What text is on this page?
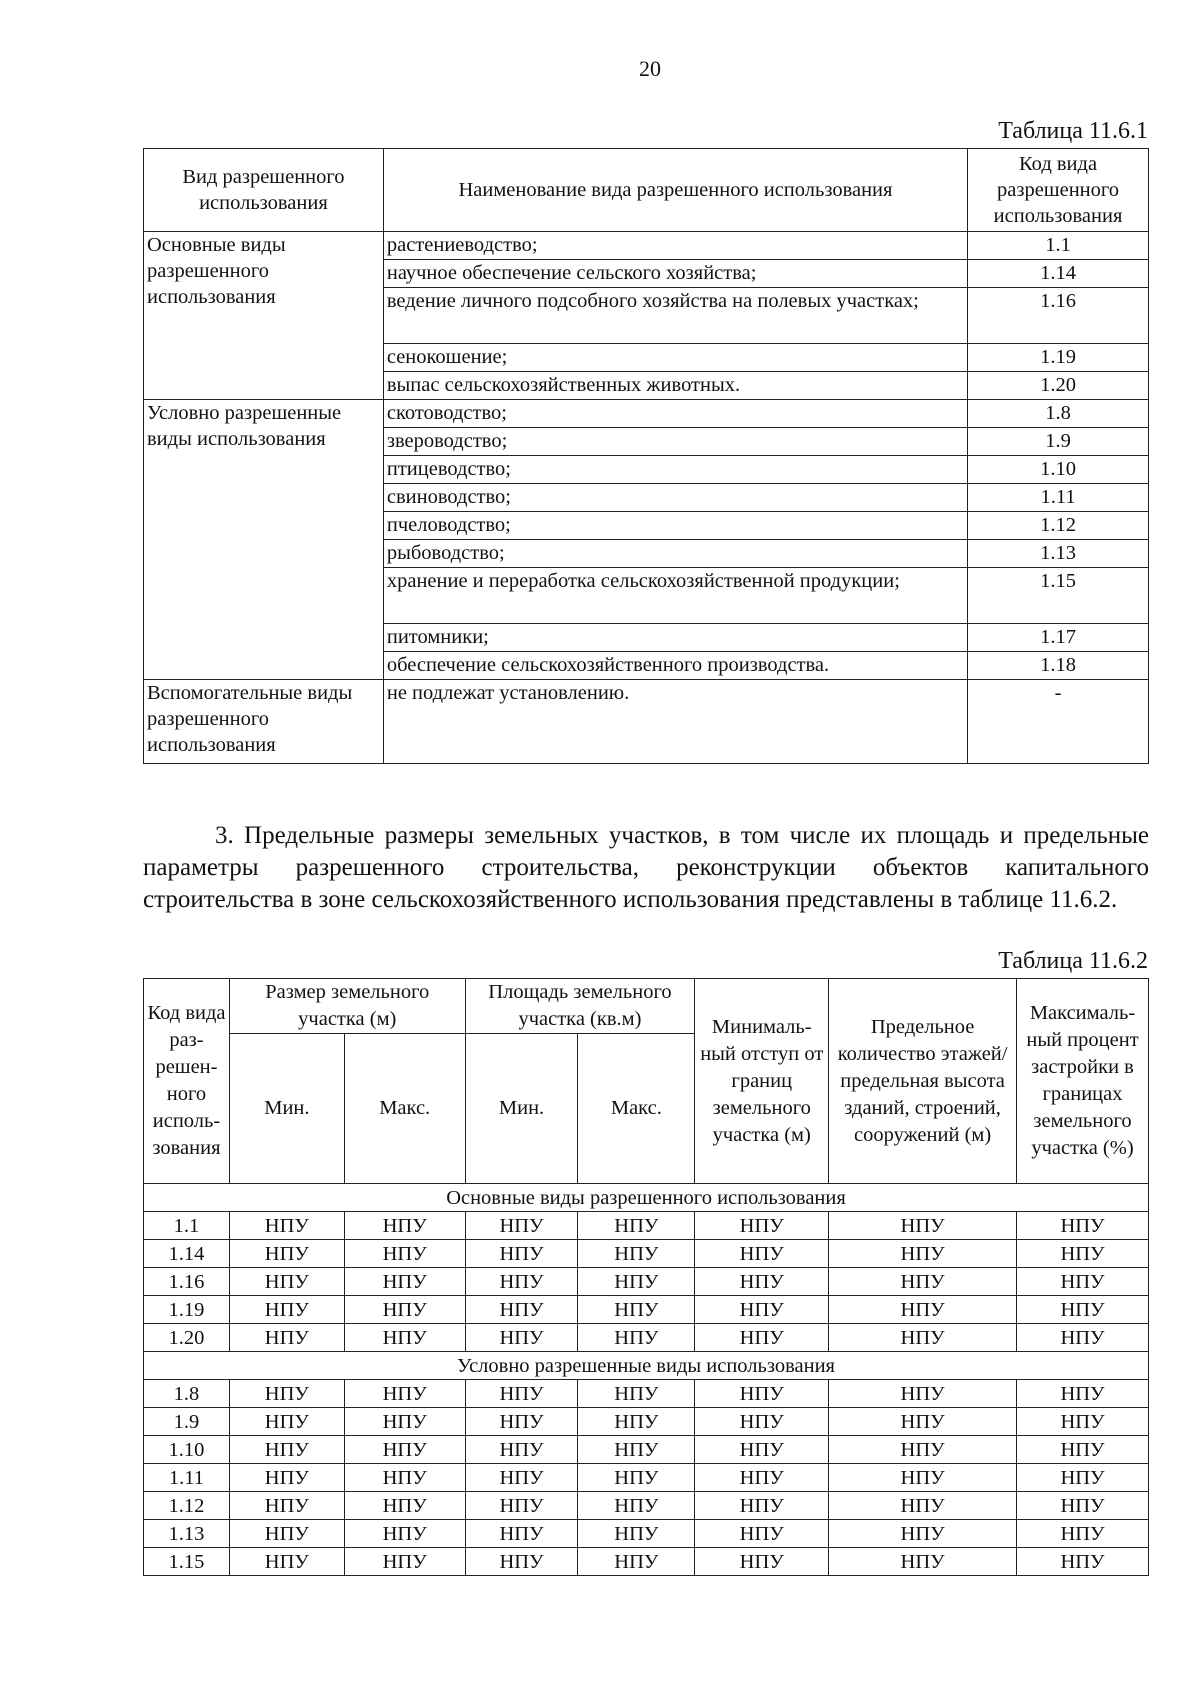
20
Таблица 11.6.1
Вид разрешенного использования	Наименование вида разрешенного использования	Код вида разрешенного использования
Основные виды разрешенного использования	растениеводство;	1.1
	научное обеспечение сельского хозяйства;	1.14
	ведение личного подсобного хозяйства на полевых участках;	1.16
	сенокошение;	1.19
	выпас сельскохозяйственных животных.	1.20

Условно разрешенные виды использования	скотоводство;	1.8
	звероводство;	1.9
	птицеводство;	1.10
	свиноводство;	1.11
	пчеловодство;	1.12
	рыбоводство;	1.13
	хранение и переработка сельскохозяйственной продукции;	1.15
	питомники;	1.17
	обеспечение сельскохозяйственного производства.	1.18
Вспомогательные виды разрешенного использования	не подлежат установлению.	-
3. Предельные размеры земельных участков, в том числе их площадь и предельные параметры разрешенного строительства, реконструкции объектов капитального строительства в зоне сельскохозяйственного использования представлены в таблице 11.6.2.
Таблица 11.6.2
Код вида раз-решен-ного исполь-зования	Размер земельного участка (м)		Площадь земельного участка (кв.м)		Минималь-ный отступ от границ земельного участка (м)	Предельное количество этажей/ предельная высота зданий, строений, сооружений (м)	Максималь-ный процент застройки в границах земельного участка (%)
	Мин.	Макс.	Мин.	Макс.			
Основные виды разрешенного использования							
1.1	НПУ	НПУ	НПУ	НПУ	НПУ	НПУ	НПУ
1.14	НПУ	НПУ	НПУ	НПУ	НПУ	НПУ	НПУ
1.16	НПУ	НПУ	НПУ	НПУ	НПУ	НПУ	НПУ
1.19	НПУ	НПУ	НПУ	НПУ	НПУ	НПУ	НПУ
1.20	НПУ	НПУ	НПУ	НПУ	НПУ	НПУ	НПУ
Условно разрешенные виды использования							
1.8	НПУ	НПУ	НПУ	НПУ	НПУ	НПУ	НПУ
1.9	НПУ	НПУ	НПУ	НПУ	НПУ	НПУ	НПУ
1.10	НПУ	НПУ	НПУ	НПУ	НПУ	НПУ	НПУ
1.11	НПУ	НПУ	НПУ	НПУ	НПУ	НПУ	НПУ
1.12	НПУ	НПУ	НПУ	НПУ	НПУ	НПУ	НПУ
1.13	НПУ	НПУ	НПУ	НПУ	НПУ	НПУ	НПУ
1.15	НПУ	НПУ	НПУ	НПУ	НПУ	НПУ	НПУ
